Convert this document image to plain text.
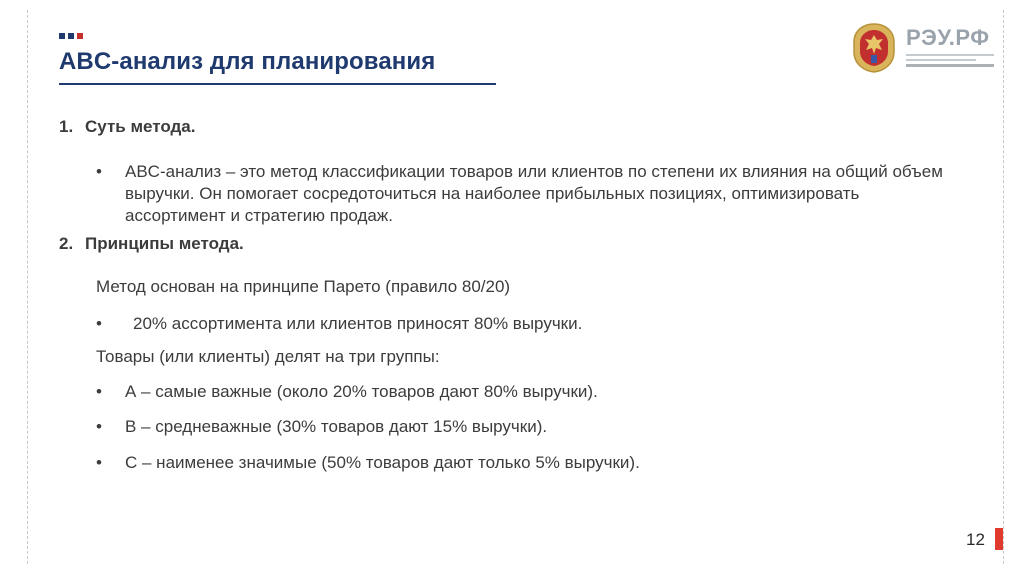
ABC-анализ для планирования
РЭУ.РФ
1. Суть метода.
• ABC-анализ – это метод классификации товаров или клиентов по степени их влияния на общий объем выручки. Он помогает сосредоточиться на наиболее прибыльных позициях, оптимизировать ассортимент и стратегию продаж.
2. Принципы метода.
Метод основан на принципе Парето (правило 80/20)
• 20% ассортимента или клиентов приносят 80% выручки.
Товары (или клиенты) делят на три группы:
• А – самые важные (около 20% товаров дают 80% выручки).
• В – средневажные (30% товаров дают 15% выручки).
• С – наименее значимые (50% товаров дают только 5% выручки).
12
